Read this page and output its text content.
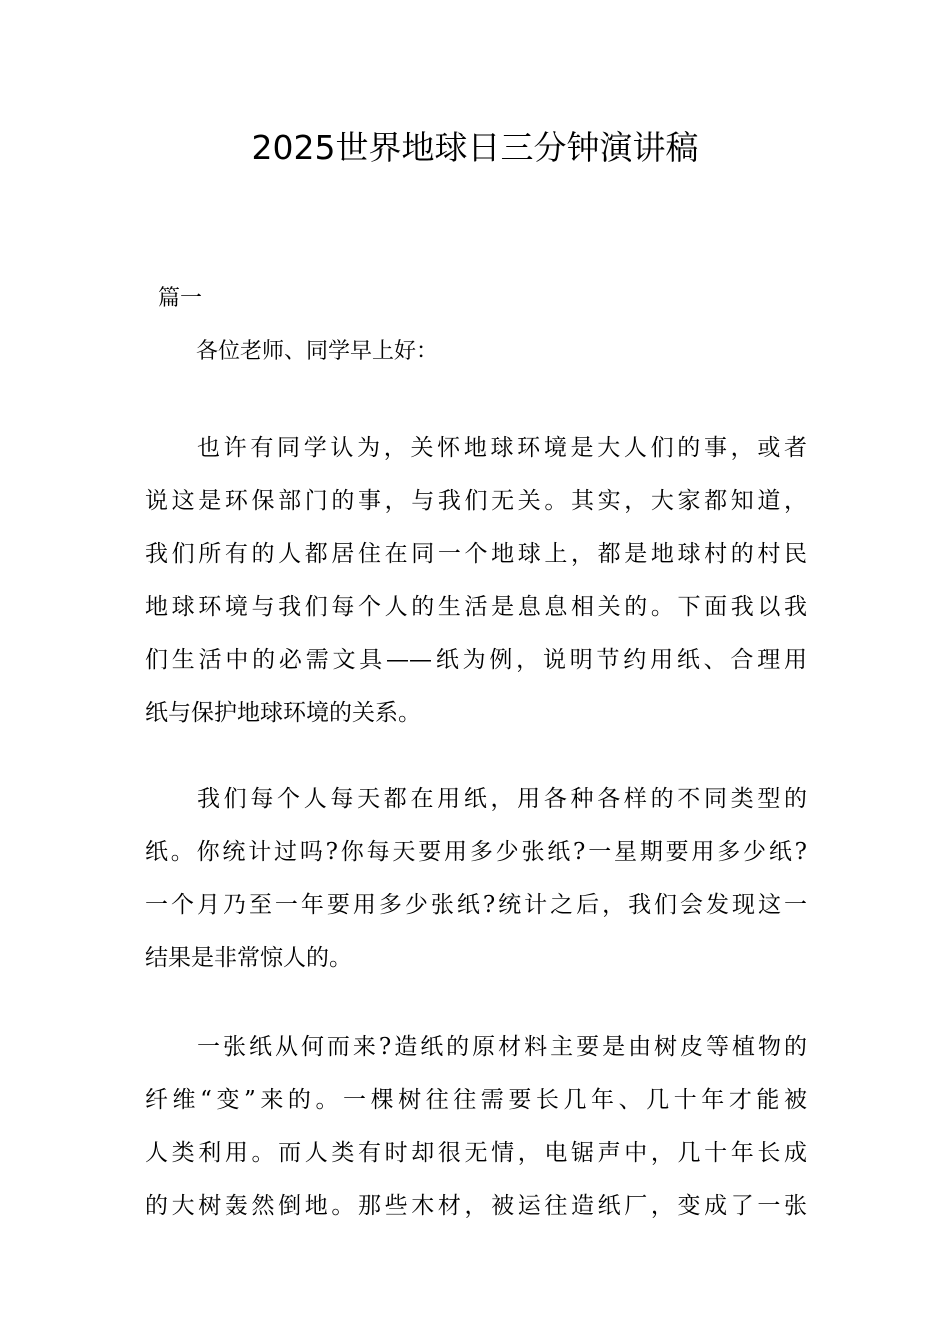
2025世界地球日三分钟演讲稿
篇一
各位老师、同学早上好：
也许有同学认为，关怀地球环境是大人们的事，或者
说这是环保部门的事，与我们无关。其实，大家都知道，
我们所有的人都居住在同一个地球上，都是地球村的村民
地球环境与我们每个人的生活是息息相关的。下面我以我
们生活中的必需文具——纸为例，说明节约用纸、合理用
纸与保护地球环境的关系。
我们每个人每天都在用纸，用各种各样的不同类型的
纸。你统计过吗?你每天要用多少张纸?一星期要用多少纸?
一个月乃至一年要用多少张纸?统计之后，我们会发现这一
结果是非常惊人的。
一张纸从何而来?造纸的原材料主要是由树皮等植物的
纤维“变”来的。一棵树往往需要长几年、几十年才能被
人类利用。而人类有时却很无情，电锯声中，几十年长成
的大树轰然倒地。那些木材，被运往造纸厂，变成了一张
